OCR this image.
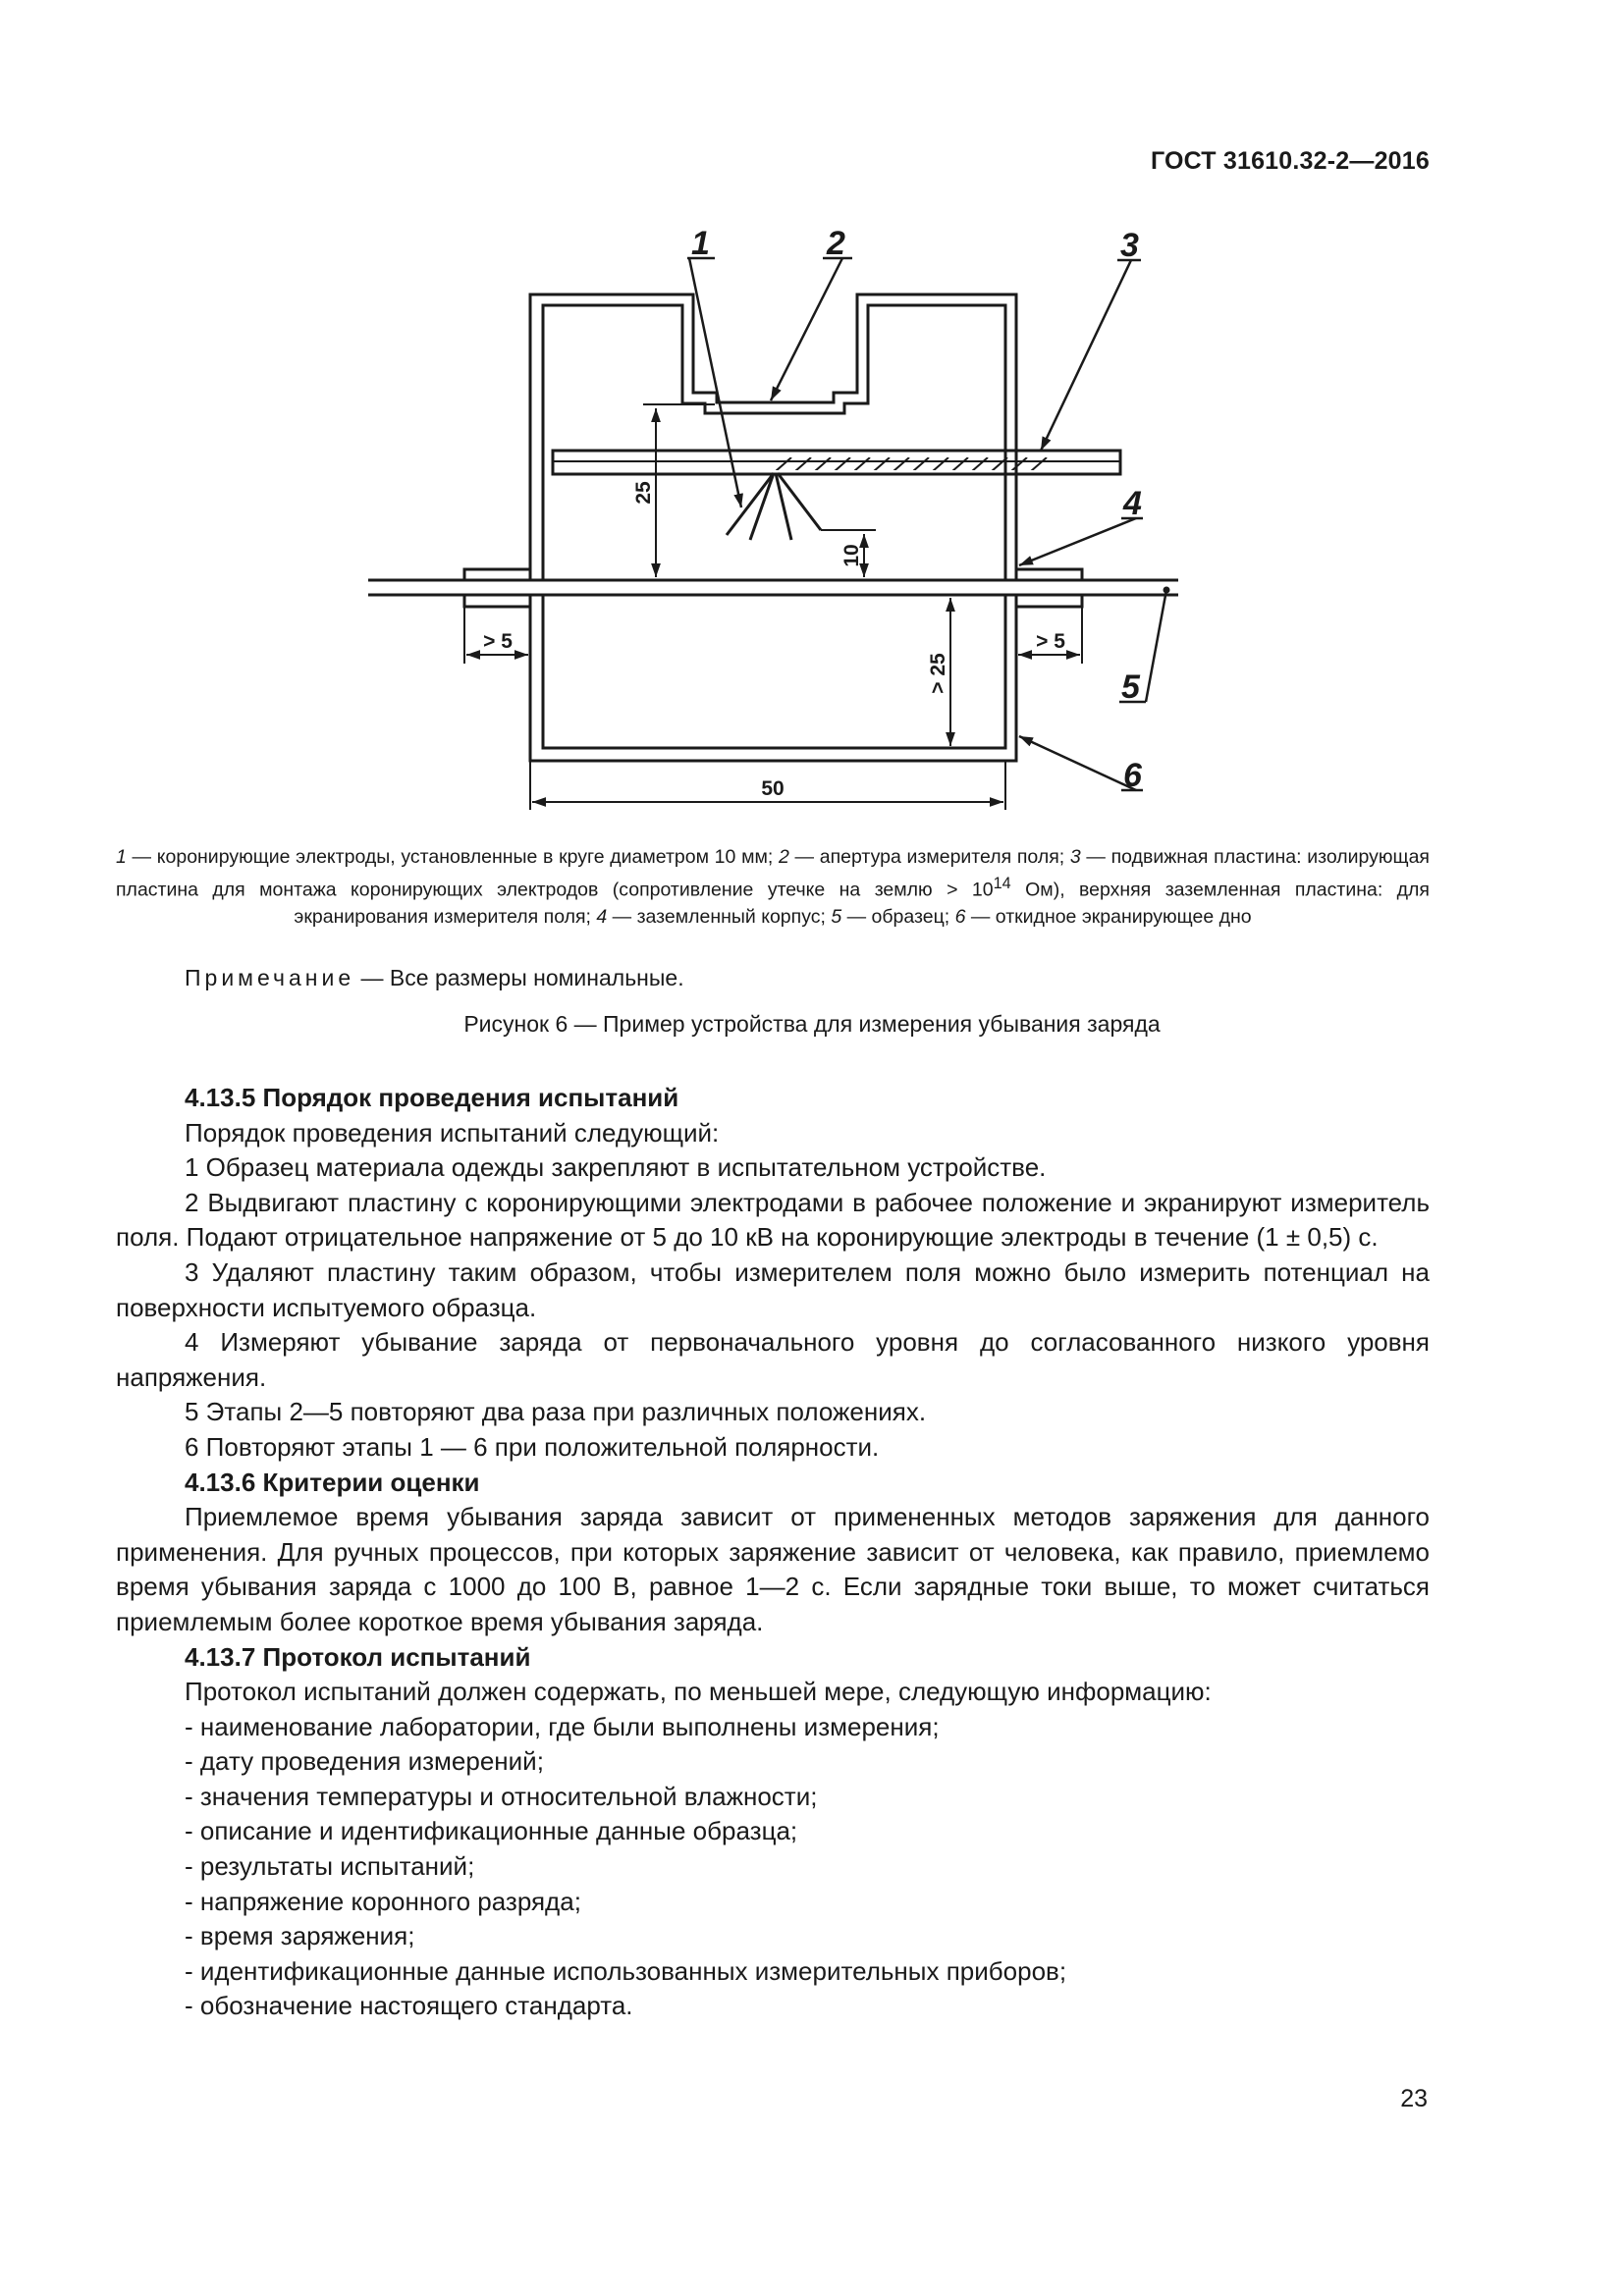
ГОСТ 31610.32-2—2016
1	2	3
4
5
6
25
10
> 25
> 5	> 5
50
1 — коронирующие электроды, установленные в круге диаметром 10 мм; 2 — апертура измерителя поля; 3 — подвижная пластина: изолирующая пластина для монтажа коронирующих электродов (сопротивление утечке на землю > $10^{14}$ Ом), верхняя заземленная пластина: для экранирования измерителя поля; 4 — заземленный корпус; 5 — образец; 6 — откидное экранирующее дно
Примечание — Все размеры номинальные.
Рисунок 6 — Пример устройства для измерения убывания заряда

4.13.5 Порядок проведения испытаний

Порядок проведения испытаний следующий:

1 Образец материала одежды закрепляют в испытательном устройстве.

2 Выдвигают пластину с коронирующими электродами в рабочее положение и экранируют измеритель поля. Подают отрицательное напряжение от 5 до 10 кВ на коронирующие электроды в течение (1 ± 0,5) с.

3 Удаляют пластину таким образом, чтобы измерителем поля можно было измерить потенциал на поверхности испытуемого образца.

4 Измеряют убывание заряда от первоначального уровня до согласованного низкого уровня напряжения.

5 Этапы 2—5 повторяют два раза при различных положениях.

6 Повторяют этапы 1 — 6 при положительной полярности.

4.13.6 Критерии оценки

Приемлемое время убывания заряда зависит от примененных методов заряжения для данного применения. Для ручных процессов, при которых заряжение зависит от человека, как правило, приемлемо время убывания заряда с 1000 до 100 В, равное 1—2 с. Если зарядные токи выше, то может считаться приемлемым более короткое время убывания заряда.

4.13.7 Протокол испытаний

Протокол испытаний должен содержать, по меньшей мере, следующую информацию:

- наименование лаборатории, где были выполнены измерения;

- дату проведения измерений;

- значения температуры и относительной влажности;

- описание и идентификационные данные образца;

- результаты испытаний;

- напряжение коронного разряда;

- время заряжения;

- идентификационные данные использованных измерительных приборов;

- обозначение настоящего стандарта.

23
